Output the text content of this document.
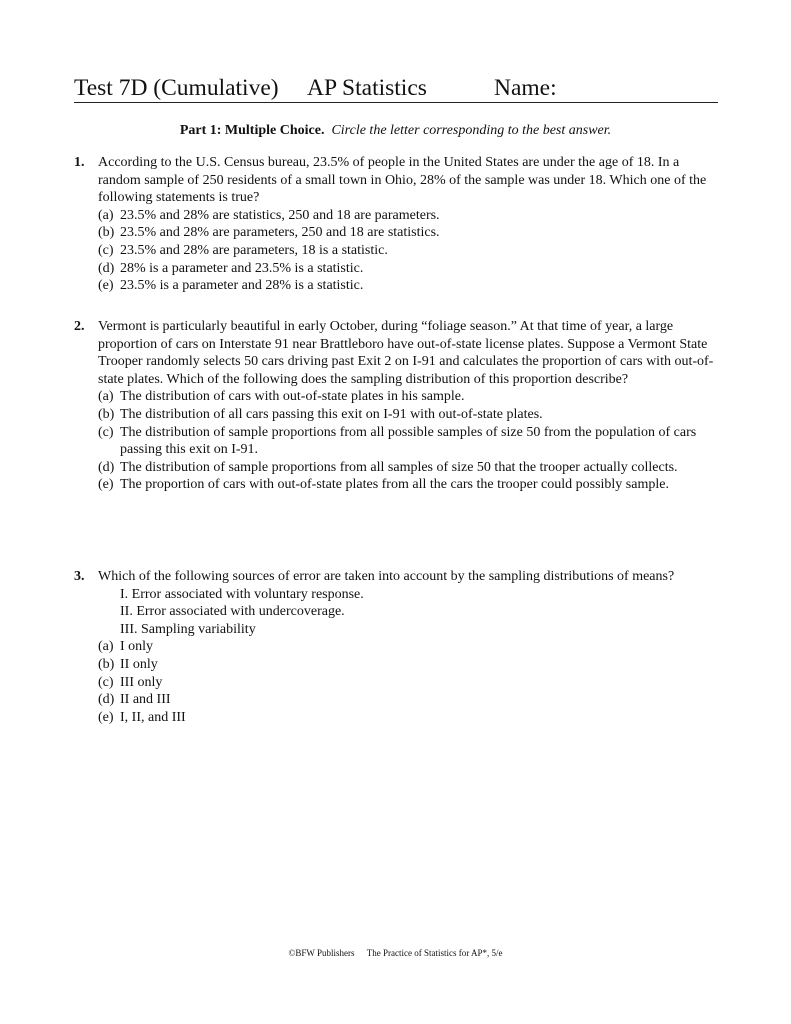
Test 7D (Cumulative) AP Statistics	Name:
Part 1: Multiple Choice. Circle the letter corresponding to the best answer.
1. According to the U.S. Census bureau, 23.5% of people in the United States are under the age of 18. In a random sample of 250 residents of a small town in Ohio, 28% of the sample was under 18. Which one of the following statements is true?
(a) 23.5% and 28% are statistics, 250 and 18 are parameters.
(b) 23.5% and 28% are parameters, 250 and 18 are statistics.
(c) 23.5% and 28% are parameters, 18 is a statistic.
(d) 28% is a parameter and 23.5% is a statistic.
(e) 23.5% is a parameter and 28% is a statistic.
2. Vermont is particularly beautiful in early October, during “foliage season.” At that time of year, a large proportion of cars on Interstate 91 near Brattleboro have out-of-state license plates. Suppose a Vermont State Trooper randomly selects 50 cars driving past Exit 2 on I-91 and calculates the proportion of cars with out-of-state plates. Which of the following does the sampling distribution of this proportion describe?
(a) The distribution of cars with out-of-state plates in his sample.
(b) The distribution of all cars passing this exit on I-91 with out-of-state plates.
(c) The distribution of sample proportions from all possible samples of size 50 from the population of cars passing this exit on I-91.
(d) The distribution of sample proportions from all samples of size 50 that the trooper actually collects.
(e) The proportion of cars with out-of-state plates from all the cars the trooper could possibly sample.
3. Which of the following sources of error are taken into account by the sampling distributions of means?
I. Error associated with voluntary response.
II. Error associated with undercoverage.
III. Sampling variability
(a) I only
(b) II only
(c) III only
(d) II and III
(e) I, II, and III
©BFW Publishers The Practice of Statistics for AP*, 5/e
